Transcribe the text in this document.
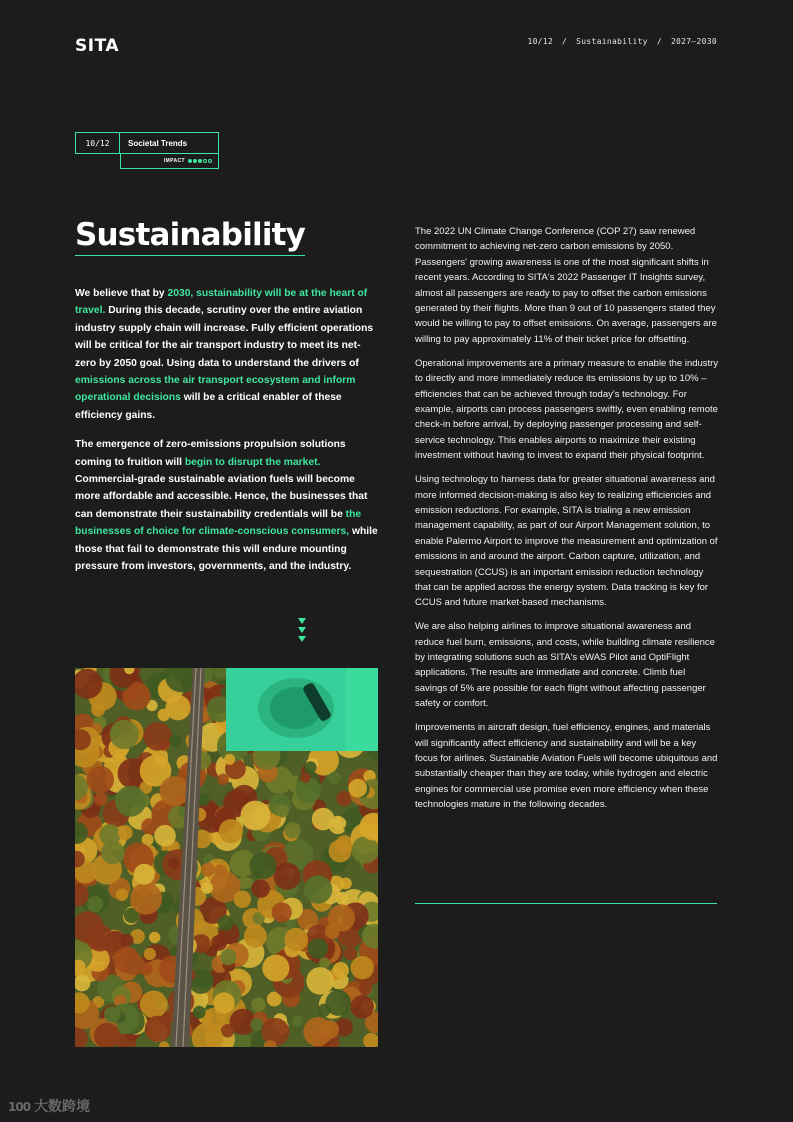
SITA	10/12 / Sustainability / 2027–2030
10/12	Societal Trends
IMPACT
Sustainability

We believe that by 2030, sustainability will be at the heart of travel. During this decade, scrutiny over the entire aviation industry supply chain will increase. Fully efficient operations will be critical for the air transport industry to meet its net-zero by 2050 goal. Using data to understand the drivers of emissions across the air transport ecosystem and inform operational decisions will be a critical enabler of these efficiency gains.

The emergence of zero-emissions propulsion solutions coming to fruition will begin to disrupt the market. Commercial-grade sustainable aviation fuels will become more affordable and accessible. Hence, the businesses that can demonstrate their sustainability credentials will be the businesses of choice for climate-conscious consumers, while those that fail to demonstrate this will endure mounting pressure from investors, governments, and the industry.

The 2022 UN Climate Change Conference (COP 27) saw renewed commitment to achieving net-zero carbon emissions by 2050. Passengers' growing awareness is one of the most significant shifts in recent years. According to SITA's 2022 Passenger IT Insights survey, almost all passengers are ready to pay to offset the carbon emissions generated by their flights. More than 9 out of 10 passengers stated they would be willing to pay to offset emissions. On average, passengers are willing to pay approximately 11% of their ticket price for offsetting.

Operational improvements are a primary measure to enable the industry to directly and more immediately reduce its emissions by up to 10% – efficiencies that can be achieved through today's technology. For example, airports can process passengers swiftly, even enabling remote check-in before arrival, by deploying passenger processing and self-service technology. This enables airports to maximize their existing investment without having to invest to expand their physical footprint.

Using technology to harness data for greater situational awareness and more informed decision-making is also key to realizing efficiencies and emission reductions. For example, SITA is trialing a new emission management capability, as part of our Airport Management solution, to enable Palermo Airport to improve the measurement and optimization of emissions in and around the airport. Carbon capture, utilization, and sequestration (CCUS) is an important emission reduction technology that can be applied across the energy system. Data tracking is key for CCUS and future market-based mechanisms.

We are also helping airlines to improve situational awareness and reduce fuel burn, emissions, and costs, while building climate resilience by integrating solutions such as SITA's eWAS Pilot and OptiFlight applications. The results are immediate and concrete. Climb fuel savings of 5% are possible for each flight without affecting passenger safety or comfort.

Improvements in aircraft design, fuel efficiency, engines, and materials will significantly affect efficiency and sustainability and will be a key focus for airlines. Sustainable Aviation Fuels will become ubiquitous and substantially cheaper than they are today, while hydrogen and electric engines for commercial use promise even more efficiency when these technologies mature in the following decades.

100 大数跨境
